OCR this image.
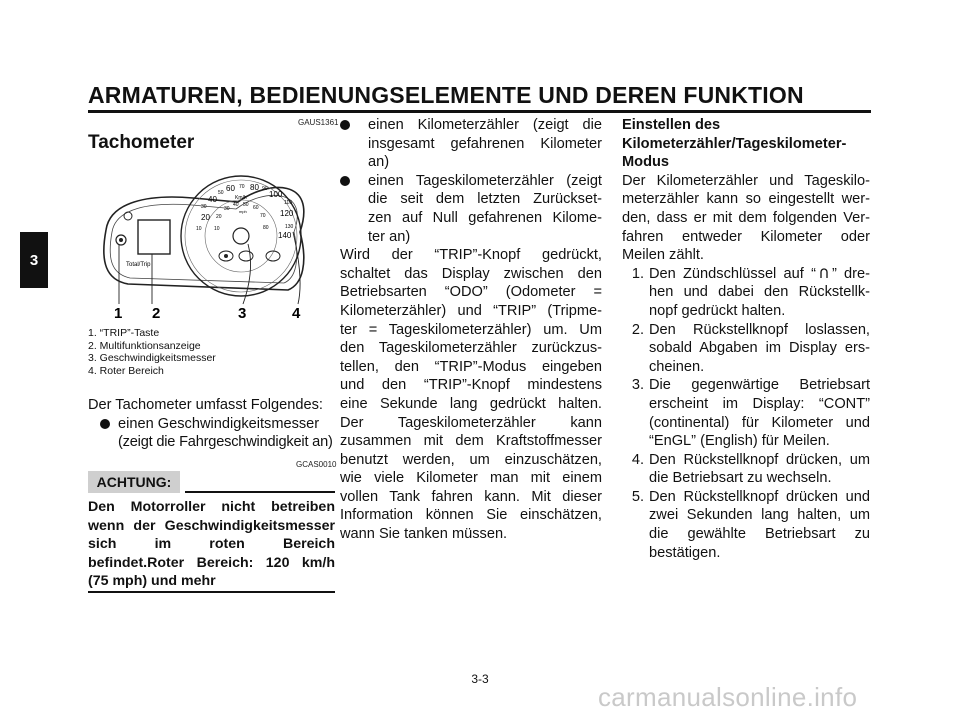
ARMATUREN, BEDIENUNGSELEMENTE UND DEREN FUNKTION
3
GAUS1361
Tachometer
20
40
60 80
100
120
140
10
30
50
70	90
110
130
Km/h
10
20
30
40 50 60
70
80
mph
Total/Trip
1 2	3	4
1. “TRIP”-Taste
2. Multifunktionsanzeige
3. Geschwindigkeitsmesser
4. Roter Bereich
Der Tachometer umfasst Folgendes:
einen Geschwindigkeitsmesser
(zeigt die Fahrgeschwindigkeit an)
GCAS0010
ACHTUNG:
Den Motorroller nicht betreiben
wenn der Geschwindigkeitsmesser
sich im roten Bereich
befindet.Roter Bereich: 120 km/h
(75 mph) und mehr
einen Kilometerzähler (zeigt die
insgesamt gefahrenen Kilometer
an)
einen Tageskilometerzähler (zeigt
die seit dem letzten Zurückset-
zen auf Null gefahrenen Kilome-
ter an)
Wird der “TRIP”-Knopf gedrückt,
schaltet das Display zwischen den
Betriebsarten “ODO” (Odometer =
Kilometerzähler) und “TRIP” (Tripme-
ter = Tageskilometerzähler) um. Um
den Tageskilometerzähler zurückzus-
tellen, den “TRIP”-Modus eingeben
und den “TRIP”-Knopf mindestens
eine Sekunde lang gedrückt halten.
Der Tageskilometerzähler kann
zusammen mit dem Kraftstoffmesser
benutzt werden, um einzuschätzen,
wie viele Kilometer man mit einem
vollen Tank fahren kann. Mit dieser
Information können Sie einschätzen,
wann Sie tanken müssen.
Einstellen des
Kilometerzähler/Tageskilometer-
Modus
Der Kilometerzähler und Tageskilo-
meterzähler kann so eingestellt wer-
den, dass er mit dem folgenden Ver-
fahren entweder Kilometer oder
Meilen zählt.
1. Den Zündschlüssel auf “ ” dre-
hen und dabei den Rückstellk-
nopf gedrückt halten.
2. Den Rückstellknopf loslassen,
sobald Abgaben im Display ers-
cheinen.
3. Die gegenwärtige Betriebsart
erscheint im Display: “CONT”
(continental) für Kilometer und
“EnGL” (English) für Meilen.
4. Den Rückstellknopf drücken, um
die Betriebsart zu wechseln.
5. Den Rückstellknopf drücken und
zwei Sekunden lang halten, um
die gewählte Betriebsart zu
bestätigen.
3-3
carmanualsonline.info
